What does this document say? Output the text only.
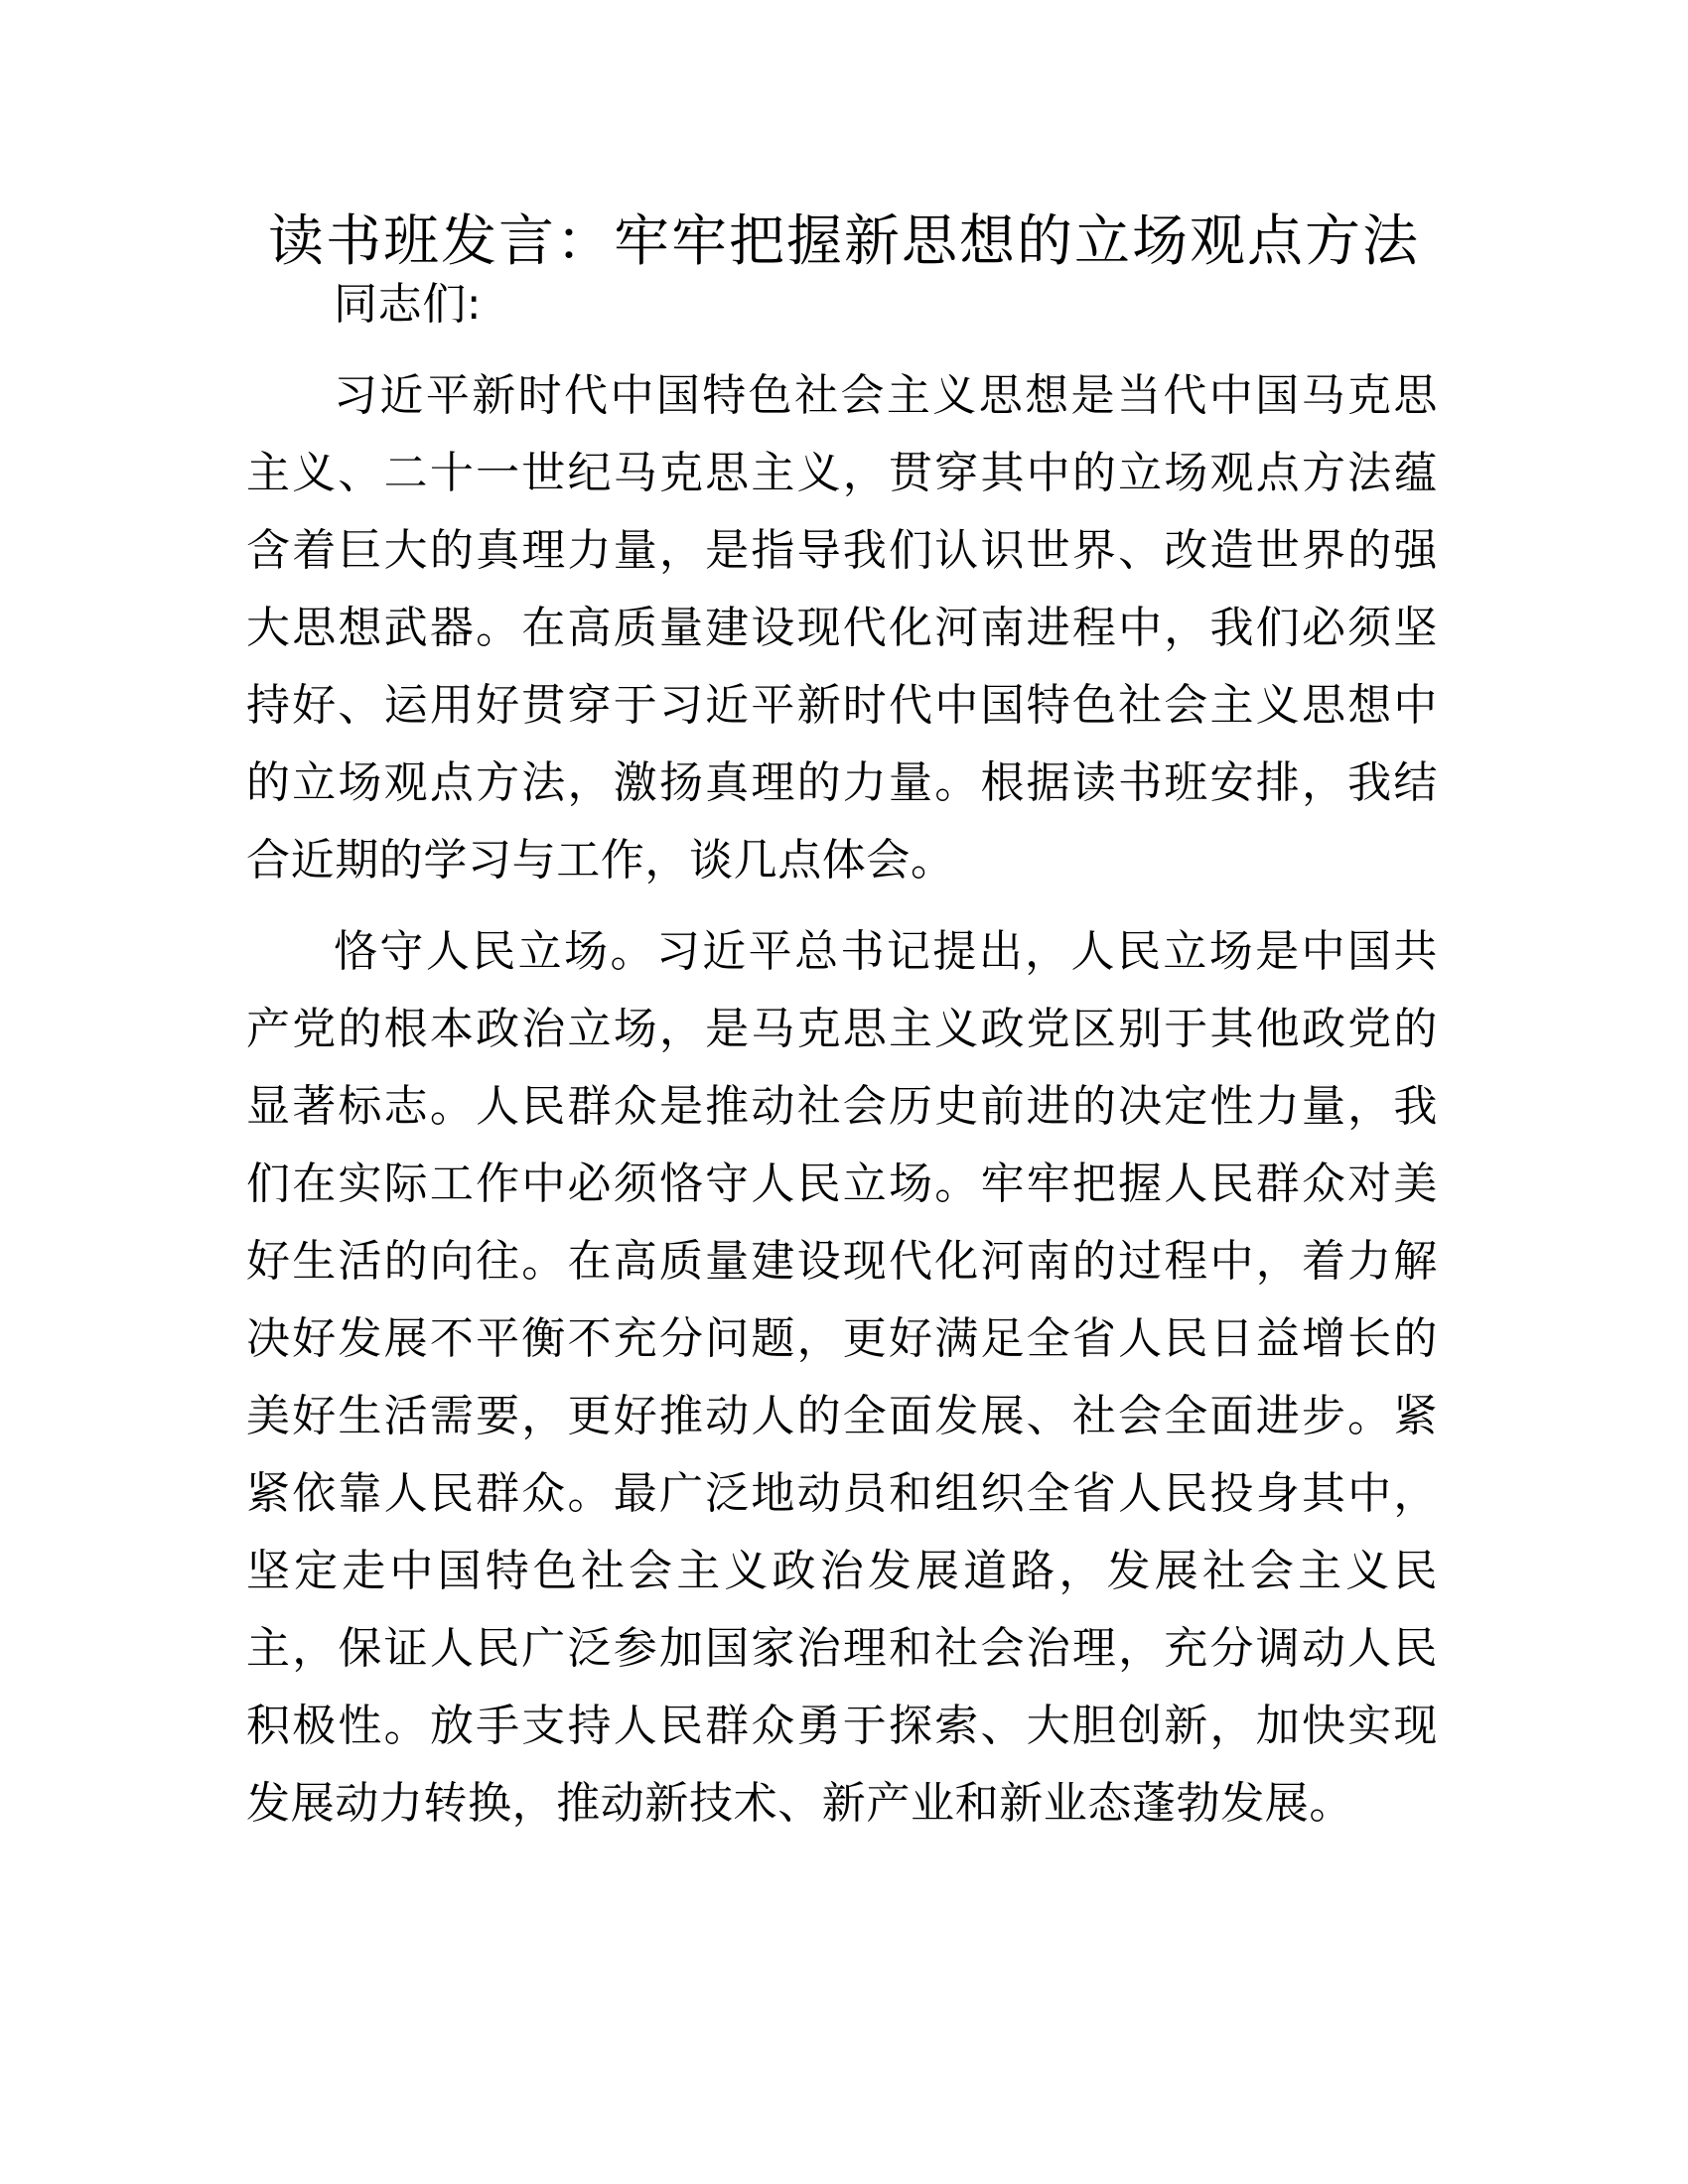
读书班发言：牢牢把握新思想的立场观点方法

同志们:

习近平新时代中国特色社会主义思想是当代中国马克思主义、二十一世纪马克思主义，贯穿其中的立场观点方法蕴含着巨大的真理力量，是指导我们认识世界、改造世界的强大思想武器。在高质量建设现代化河南进程中，我们必须坚持好、运用好贯穿于习近平新时代中国特色社会主义思想中的立场观点方法，激扬真理的力量。根据读书班安排，我结合近期的学习与工作，谈几点体会。

恪守人民立场。习近平总书记提出，人民立场是中国共产党的根本政治立场，是马克思主义政党区别于其他政党的显著标志。人民群众是推动社会历史前进的决定性力量，我们在实际工作中必须恪守人民立场。牢牢把握人民群众对美好生活的向往。在高质量建设现代化河南的过程中，着力解决好发展不平衡不充分问题，更好满足全省人民日益增长的美好生活需要，更好推动人的全面发展、社会全面进步。紧紧依靠人民群众。最广泛地动员和组织全省人民投身其中，坚定走中国特色社会主义政治发展道路，发展社会主义民主，保证人民广泛参加国家治理和社会治理，充分调动人民积极性。放手支持人民群众勇于探索、大胆创新，加快实现发展动力转换，推动新技术、新产业和新业态蓬勃发展。
